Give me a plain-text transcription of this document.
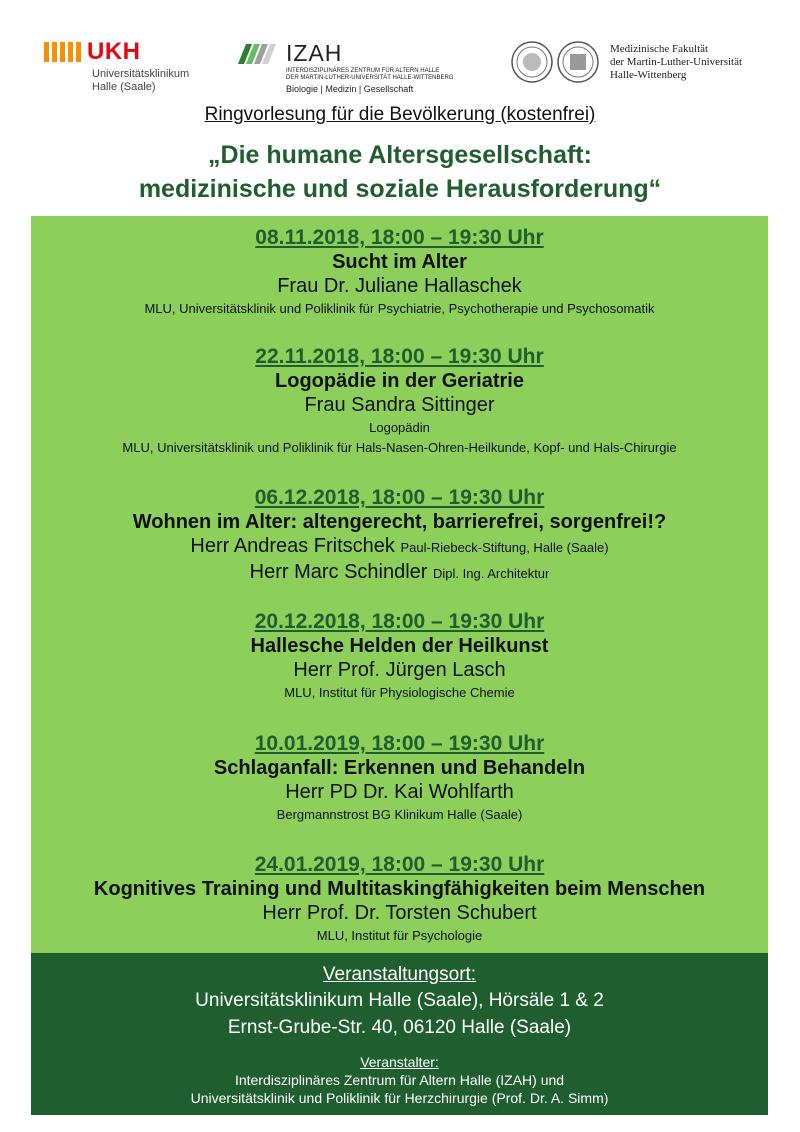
UKH
Universitätsklinikum
Halle (Saale)
IZAH
INTERDISZIPLINÄRES ZENTRUM FÜR ALTERN HALLE
DER MARTIN-LUTHER-UNIVERSITÄT HALLE-WITTENBERG
Biologie | Medizin | Gesellschaft
Medizinische Fakultät
der Martin-Luther-Universität
Halle-Wittenberg
Ringvorlesung für die Bevölkerung (kostenfrei)
„Die humane Altersgesellschaft:
medizinische und soziale Herausforderung“
08.11.2018, 18:00 – 19:30 Uhr
Sucht im Alter
Frau Dr. Juliane Hallaschek
MLU, Universitätsklinik und Poliklinik für Psychiatrie, Psychotherapie und Psychosomatik
22.11.2018, 18:00 – 19:30 Uhr
Logopädie in der Geriatrie
Frau Sandra Sittinger
Logopädin
MLU, Universitätsklinik und Poliklinik für Hals-Nasen-Ohren-Heilkunde, Kopf- und Hals-Chirurgie
06.12.2018, 18:00 – 19:30 Uhr
Wohnen im Alter: altengerecht, barrierefrei, sorgenfrei!?
Herr Andreas Fritschek Paul-Riebeck-Stiftung, Halle (Saale)
Herr Marc Schindler Dipl. Ing. Architektur
20.12.2018, 18:00 – 19:30 Uhr
Hallesche Helden der Heilkunst
Herr Prof. Jürgen Lasch
MLU, Institut für Physiologische Chemie
10.01.2019, 18:00 – 19:30 Uhr
Schlaganfall: Erkennen und Behandeln
Herr PD Dr. Kai Wohlfarth
Bergmannstrost BG Klinikum Halle (Saale)
24.01.2019, 18:00 – 19:30 Uhr
Kognitives Training und Multitaskingfähigkeiten beim Menschen
Herr Prof. Dr. Torsten Schubert
MLU, Institut für Psychologie
Veranstaltungsort:
Universitätsklinikum Halle (Saale), Hörsäle 1 & 2
Ernst-Grube-Str. 40, 06120 Halle (Saale)
Veranstalter:
Interdisziplinäres Zentrum für Altern Halle (IZAH) und
Universitätsklinik und Poliklinik für Herzchirurgie (Prof. Dr. A. Simm)
